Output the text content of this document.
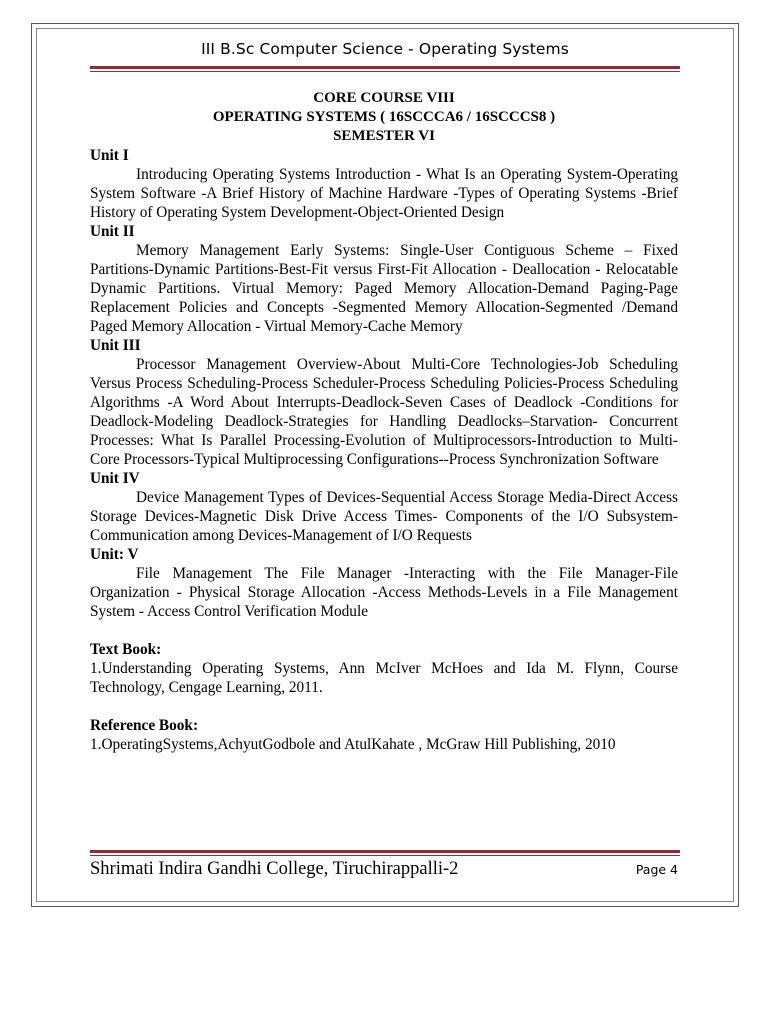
III B.Sc Computer Science - Operating Systems
CORE COURSE VIII
OPERATING SYSTEMS ( 16SCCCA6 / 16SCCCS8 )
SEMESTER VI
Unit I
Introducing Operating Systems Introduction - What Is an Operating System-Operating System Software -A Brief History of Machine Hardware -Types of Operating Systems -Brief History of Operating System Development-Object-Oriented Design
Unit II
Memory Management Early Systems: Single-User Contiguous Scheme – Fixed Partitions-Dynamic Partitions-Best-Fit versus First-Fit Allocation - Deallocation - Relocatable Dynamic Partitions. Virtual Memory: Paged Memory Allocation-Demand Paging-Page Replacement Policies and Concepts -Segmented Memory Allocation-Segmented /Demand Paged Memory Allocation - Virtual Memory-Cache Memory
Unit III
Processor Management Overview-About Multi-Core Technologies-Job Scheduling Versus Process Scheduling-Process Scheduler-Process Scheduling Policies-Process Scheduling Algorithms -A Word About Interrupts-Deadlock-Seven Cases of Deadlock -Conditions for Deadlock-Modeling Deadlock-Strategies for Handling Deadlocks–Starvation- Concurrent Processes: What Is Parallel Processing-Evolution of Multiprocessors-Introduction to Multi-Core Processors-Typical Multiprocessing Configurations--Process Synchronization Software
Unit IV
Device Management Types of Devices-Sequential Access Storage Media-Direct Access Storage Devices-Magnetic Disk Drive Access Times- Components of the I/O Subsystem- Communication among Devices-Management of I/O Requests
Unit: V
File Management The File Manager -Interacting with the File Manager-File Organization - Physical Storage Allocation -Access Methods-Levels in a File Management System - Access Control Verification Module
Text Book:
1.Understanding Operating Systems, Ann McIver McHoes and Ida M. Flynn, Course Technology, Cengage Learning, 2011.
Reference Book:
1.OperatingSystems,AchyutGodbole and AtulKahate , McGraw Hill Publishing, 2010
Shrimati Indira Gandhi College, Tiruchirappalli-2	Page 4
